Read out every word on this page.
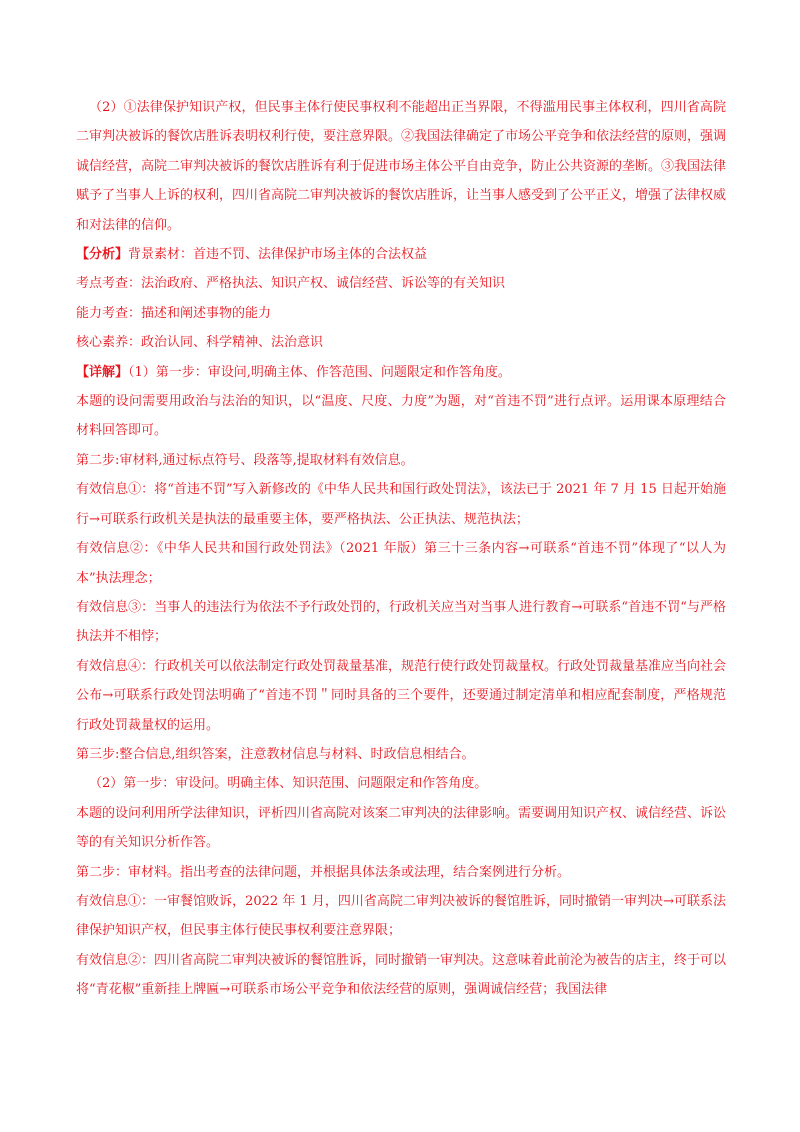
（2）①法律保护知识产权，但民事主体行使民事权利不能超出正当界限，不得滥用民事主体权利，四川省高院二审判决被诉的餐饮店胜诉表明权利行使，要注意界限。②我国法律确定了市场公平竞争和依法经营的原则，强调诚信经营，高院二审判决被诉的餐饮店胜诉有利于促进市场主体公平自由竞争，防止公共资源的垄断。③我国法律赋予了当事人上诉的权利，四川省高院二审判决被诉的餐饮店胜诉，让当事人感受到了公平正义，增强了法律权威和对法律的信仰。

【分析】背景素材：首违不罚、法律保护市场主体的合法权益

考点考查：法治政府、严格执法、知识产权、诚信经营、诉讼等的有关知识

能力考查：描述和阐述事物的能力

核心素养：政治认同、科学精神、法治意识

【详解】（1）第一步：审设问,明确主体、作答范围、问题限定和作答角度。

本题的设问需要用政治与法治的知识，以“温度、尺度、力度”为题，对“首违不罚”进行点评。运用课本原理结合材料回答即可。

第二步:审材料,通过标点符号、段落等,提取材料有效信息。

有效信息①：将“首违不罚”写入新修改的《中华人民共和国行政处罚法》，该法已于 2021 年 7 月 15 日起开始施行→可联系行政机关是执法的最重要主体，要严格执法、公正执法、规范执法；

有效信息②：《中华人民共和国行政处罚法》（2021 年版）第三十三条内容→可联系“首违不罚”体现了“以人为本”执法理念；

有效信息③：当事人的违法行为依法不予行政处罚的，行政机关应当对当事人进行教育→可联系“首违不罚“与严格执法并不相悖；

有效信息④：行政机关可以依法制定行政处罚裁量基准，规范行使行政处罚裁量权。行政处罚裁量基准应当向社会公布→可联系行政处罚法明确了“首违不罚＂同时具备的三个要件，还要通过制定清单和相应配套制度，严格规范行政处罚裁量权的运用。

第三步:整合信息,组织答案，注意教材信息与材料、时政信息相结合。

（2）第一步：审设问。明确主体、知识范围、问题限定和作答角度。

本题的设问利用所学法律知识，评析四川省高院对该案二审判决的法律影响。需要调用知识产权、诚信经营、诉讼等的有关知识分析作答。

第二步：审材料。指出考查的法律问题，并根据具体法条或法理，结合案例进行分析。

有效信息①：一审餐馆败诉，2022 年 1 月，四川省高院二审判决被诉的餐馆胜诉，同时撤销一审判决→可联系法律保护知识产权，但民事主体行使民事权利要注意界限；

有效信息②：四川省高院二审判决被诉的餐馆胜诉，同时撤销一审判决。这意味着此前沦为被告的店主，终于可以将“青花椒”重新挂上牌匾→可联系市场公平竞争和依法经营的原则，强调诚信经营；我国法律
